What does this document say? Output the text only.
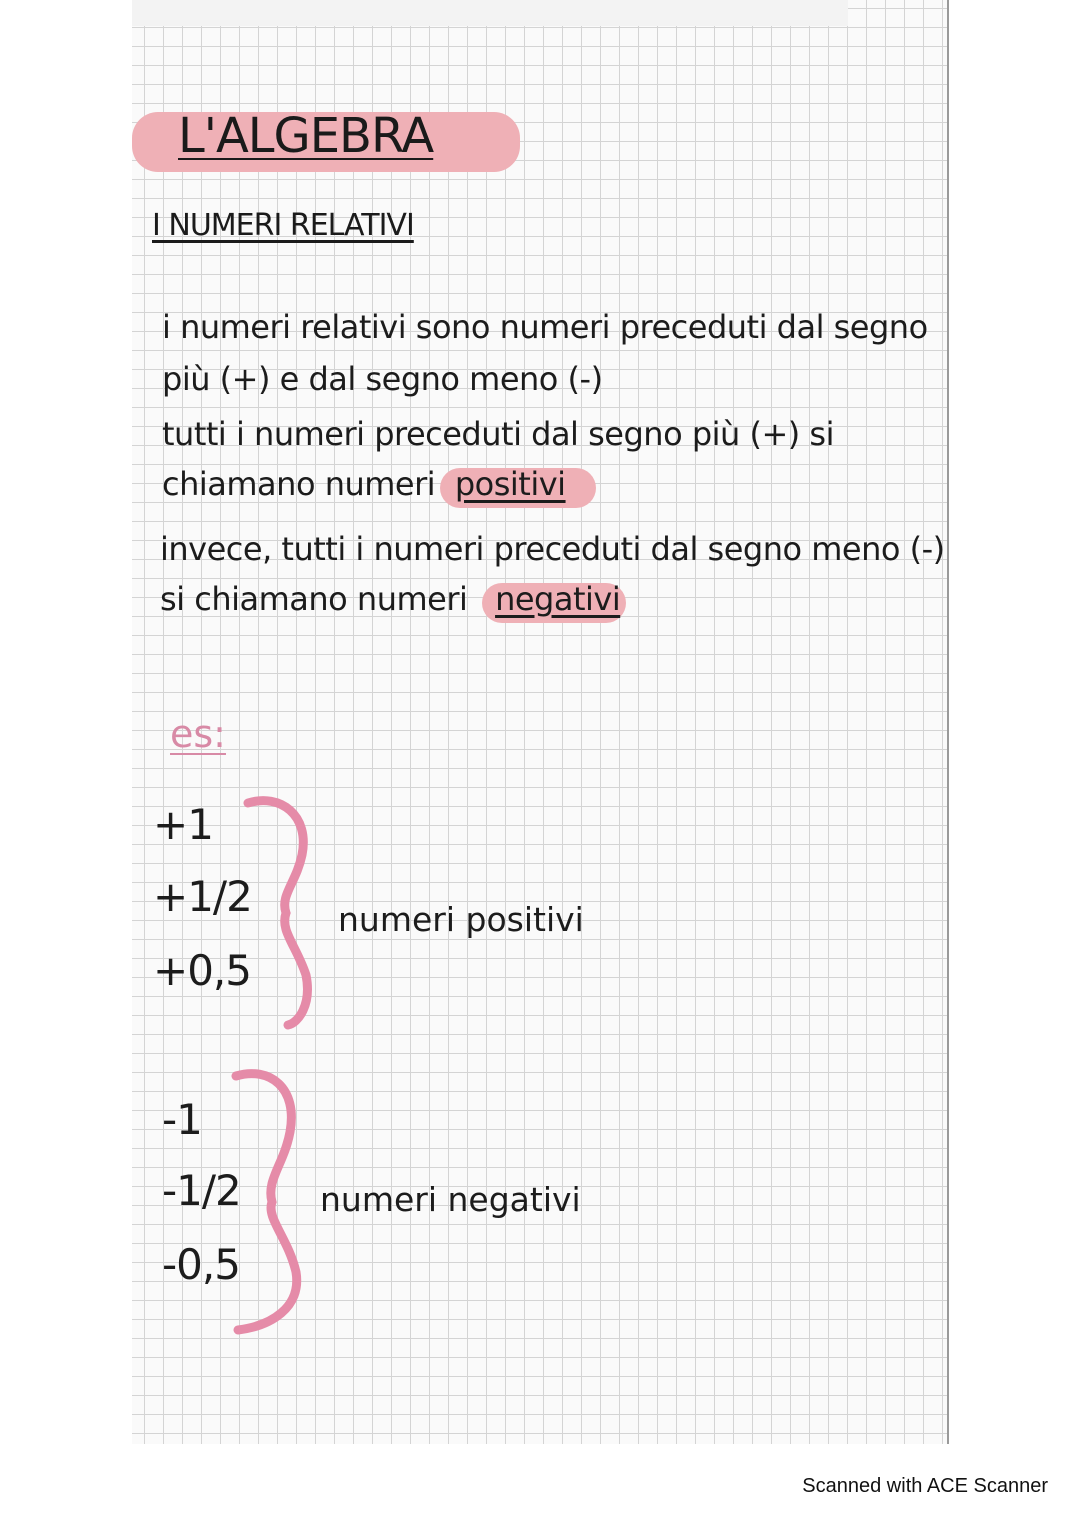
L'ALGEBRA
I NUMERI RELATIVI
i numeri relativi sono numeri preceduti dal segno
più (+) e dal segno meno (-)
tutti i numeri preceduti dal segno più (+) si
chiamano numeri positivi
invece, tutti i numeri preceduti dal segno meno (-)
si chiamano numeri negativi
es:
+1
+1/2
+0,5
numeri positivi
-1
-1/2
-0,5
numeri negativi
Scanned with ACE Scanner
